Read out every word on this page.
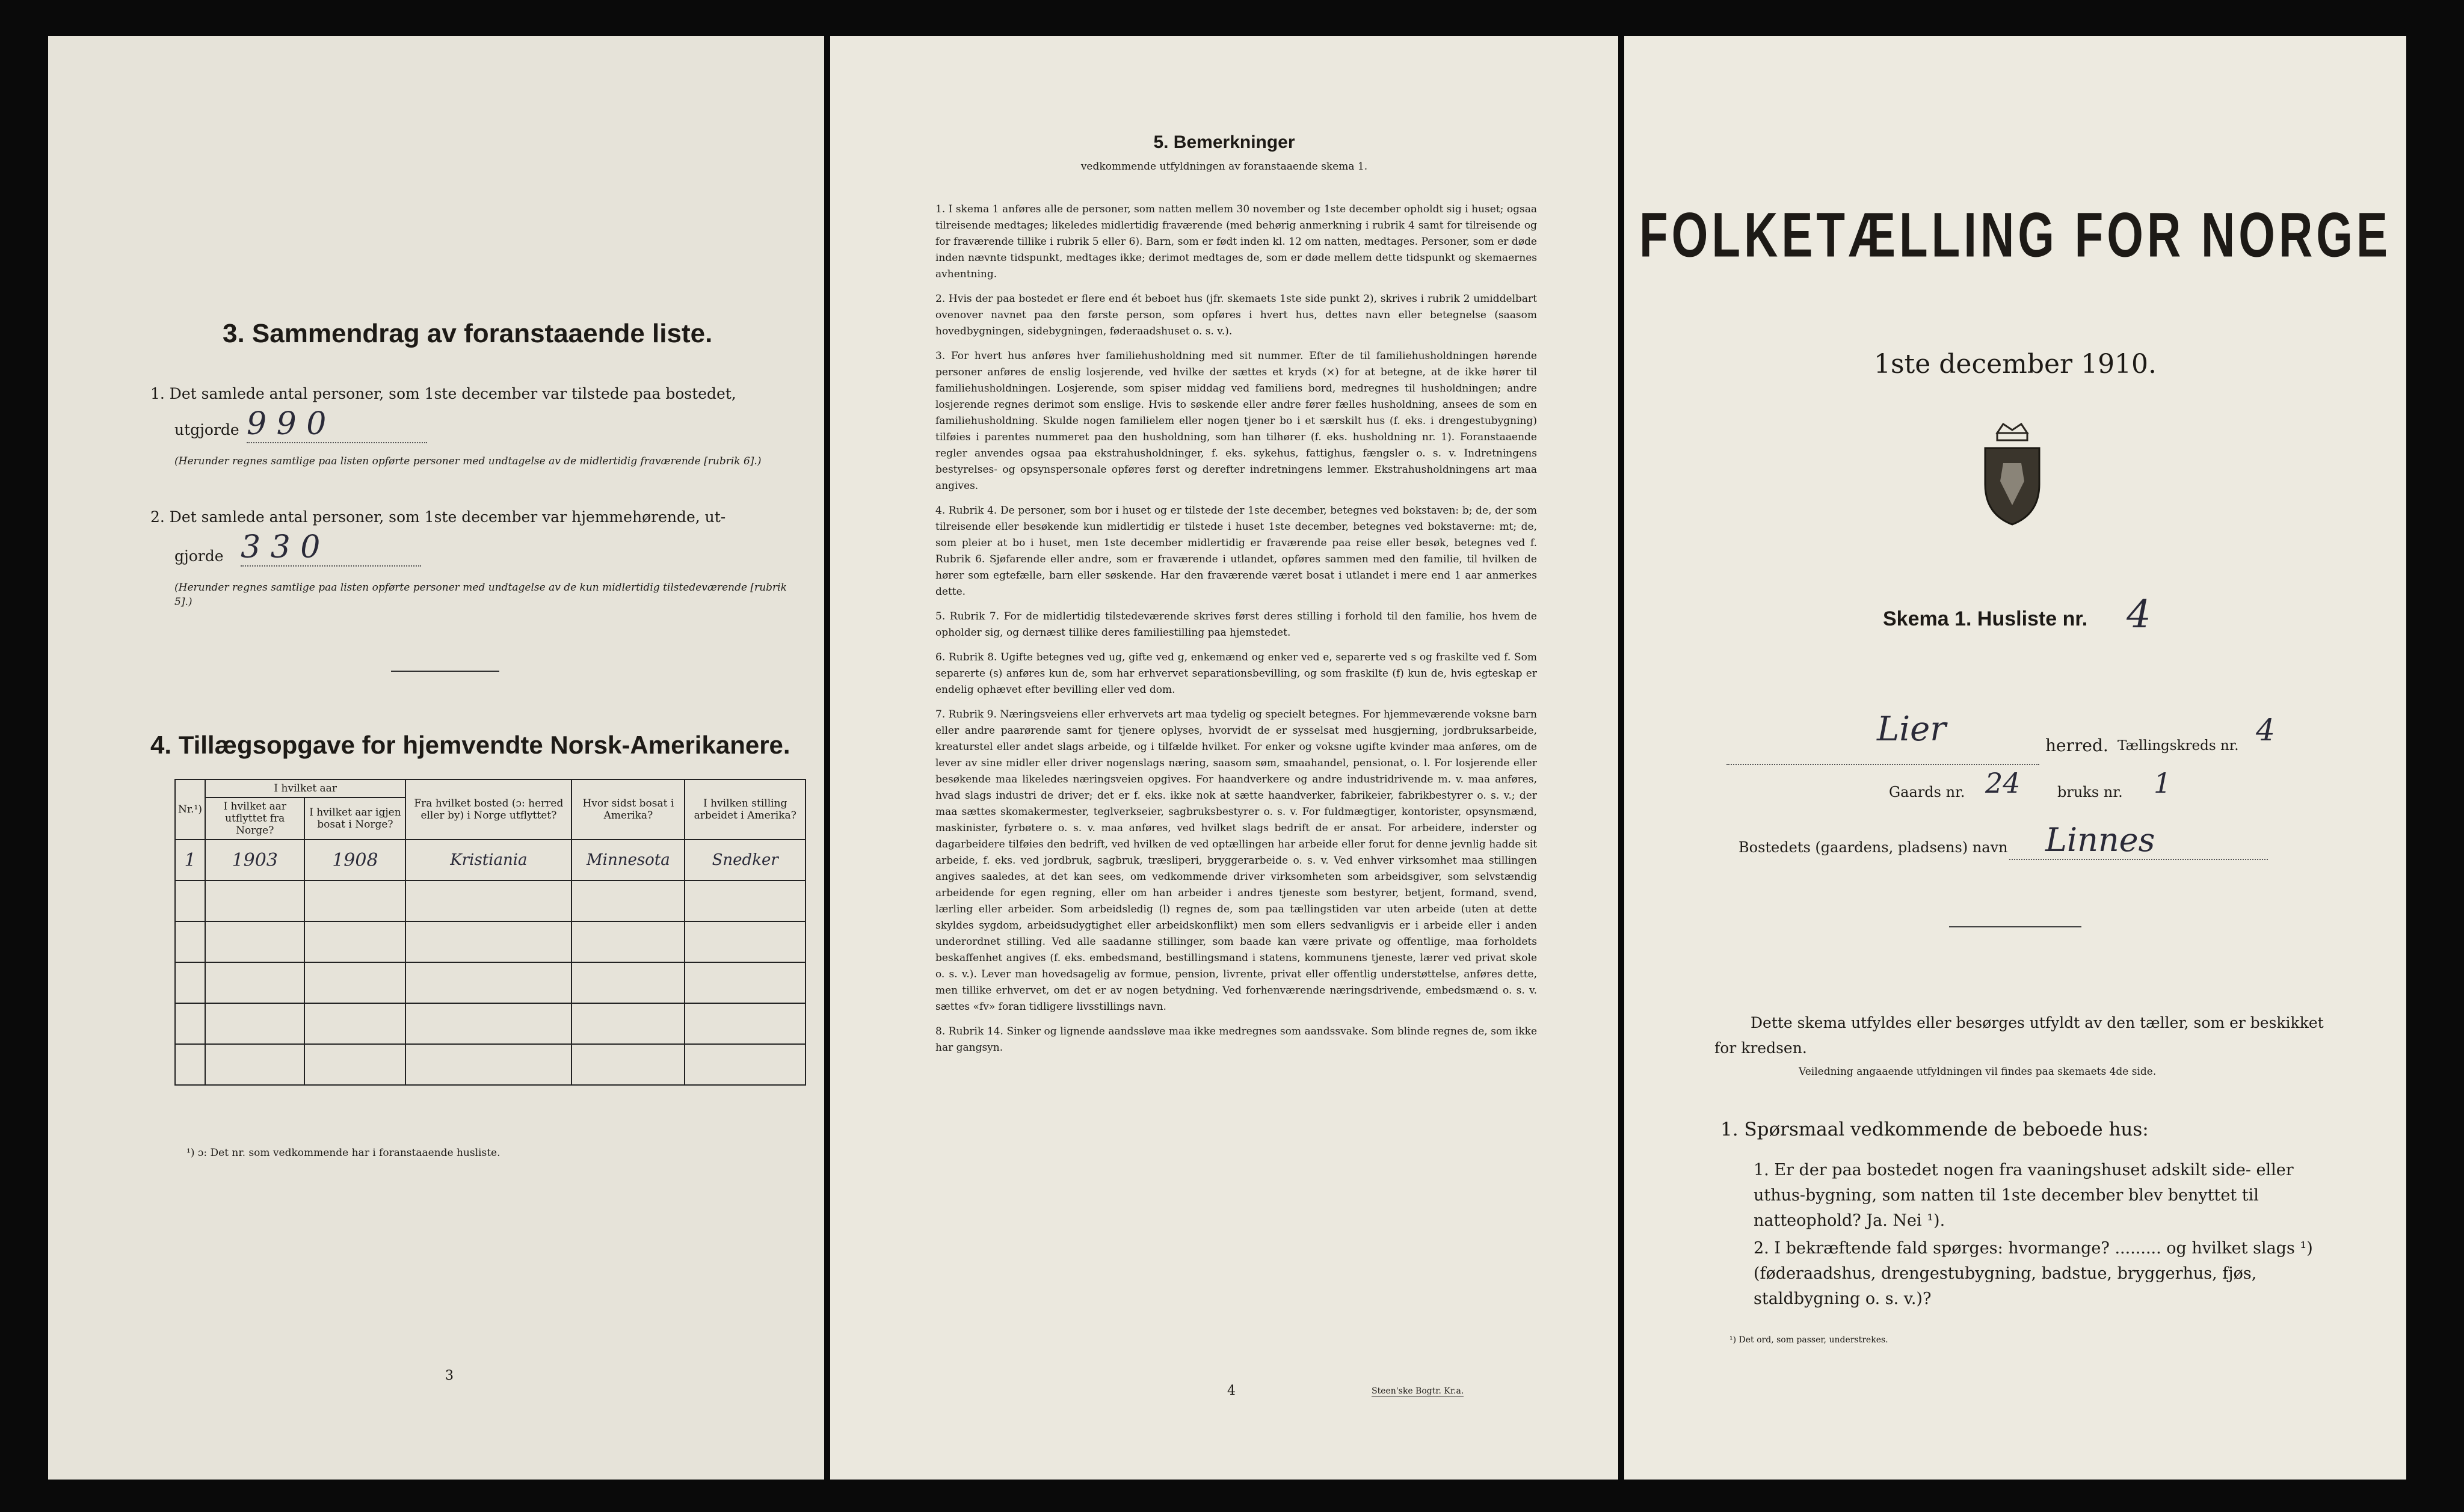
3. Sammendrag av foranstaaende liste.
1. Det samlede antal personer, som 1ste december var tilstede paa bostedet,
utgjorde 9 9 0
(Herunder regnes samtlige paa listen opførte personer med undtagelse av de midlertidig fraværende [rubrik 6].)
2. Det samlede antal personer, som 1ste december var hjemmehørende, ut-
gjorde 3 3 0
(Herunder regnes samtlige paa listen opførte personer med undtagelse av de kun midlertidig tilstedeværende [rubrik 5].)
4. Tillægsopgave for hjemvendte Norsk-Amerikanere.
Nr.¹)	I hvilket aar		Fra hvilket bosted (ɔ: herred eller by) i Norge utflyttet?	Hvor sidst bosat i Amerika?	I hvilken stilling arbeidet i Amerika?
	I hvilket aar utflyttet fra Norge?	I hvilket aar igjen bosat i Norge?			
1	1903	1908	Kristiania	Minnesota	Snedker

¹) ɔ: Det nr. som vedkommende har i foranstaaende husliste.
3
5. Bemerkninger
vedkommende utfyldningen av foranstaaende skema 1.

1. I skema 1 anføres alle de personer, som natten mellem 30 november og 1ste december opholdt sig i huset; ogsaa tilreisende medtages; likeledes midlertidig fraværende (med behørig anmerkning i rubrik 4 samt for tilreisende og for fraværende tillike i rubrik 5 eller 6). Barn, som er født inden kl. 12 om natten, medtages. Personer, som er døde inden nævnte tidspunkt, medtages ikke; derimot medtages de, som er døde mellem dette tidspunkt og skemaernes avhentning.

2. Hvis der paa bostedet er flere end ét beboet hus (jfr. skemaets 1ste side punkt 2), skrives i rubrik 2 umiddelbart ovenover navnet paa den første person, som opføres i hvert hus, dettes navn eller betegnelse (saasom hovedbygningen, sidebygningen, føderaadshuset o. s. v.).

3. For hvert hus anføres hver familiehusholdning med sit nummer. Efter de til familiehusholdningen hørende personer anføres de enslig losjerende, ved hvilke der sættes et kryds (×) for at betegne, at de ikke hører til familiehusholdningen. Losjerende, som spiser middag ved familiens bord, medregnes til husholdningen; andre losjerende regnes derimot som enslige. Hvis to søskende eller andre fører fælles husholdning, ansees de som en familiehusholdning. Skulde nogen familielem eller nogen tjener bo i et særskilt hus (f. eks. i drengestubygning) tilføies i parentes nummeret paa den husholdning, som han tilhører (f. eks. husholdning nr. 1). Foranstaaende regler anvendes ogsaa paa ekstrahusholdninger, f. eks. sykehus, fattighus, fængsler o. s. v. Indretningens bestyrelses- og opsynspersonale opføres først og derefter indretningens lemmer. Ekstrahusholdningens art maa angives.

4. Rubrik 4. De personer, som bor i huset og er tilstede der 1ste december, betegnes ved bokstaven: b; de, der som tilreisende eller besøkende kun midlertidig er tilstede i huset 1ste december, betegnes ved bokstaverne: mt; de, som pleier at bo i huset, men 1ste december midlertidig er fraværende paa reise eller besøk, betegnes ved f. Rubrik 6. Sjøfarende eller andre, som er fraværende i utlandet, opføres sammen med den familie, til hvilken de hører som egtefælle, barn eller søskende. Har den fraværende været bosat i utlandet i mere end 1 aar anmerkes dette.

5. Rubrik 7. For de midlertidig tilstedeværende skrives først deres stilling i forhold til den familie, hos hvem de opholder sig, og dernæst tillike deres familiestilling paa hjemstedet.

6. Rubrik 8. Ugifte betegnes ved ug, gifte ved g, enkemænd og enker ved e, separerte ved s og fraskilte ved f. Som separerte (s) anføres kun de, som har erhvervet separationsbevilling, og som fraskilte (f) kun de, hvis egteskap er endelig ophævet efter bevilling eller ved dom.

7. Rubrik 9. Næringsveiens eller erhvervets art maa tydelig og specielt betegnes. For hjemmeværende voksne barn eller andre paarørende samt for tjenere oplyses, hvorvidt de er sysselsat med husgjerning, jordbruksarbeide, kreaturstel eller andet slags arbeide, og i tilfælde hvilket. For enker og voksne ugifte kvinder maa anføres, om de lever av sine midler eller driver nogenslags næring, saasom søm, smaahandel, pensionat, o. l. For losjerende eller besøkende maa likeledes næringsveien opgives. For haandverkere og andre industridrivende m. v. maa anføres, hvad slags industri de driver; det er f. eks. ikke nok at sætte haandverker, fabrikeier, fabrikbestyrer o. s. v.; der maa sættes skomakermester, teglverkseier, sagbruksbestyrer o. s. v. For fuldmægtiger, kontorister, opsynsmænd, maskinister, fyrbøtere o. s. v. maa anføres, ved hvilket slags bedrift de er ansat. For arbeidere, inderster og dagarbeidere tilføies den bedrift, ved hvilken de ved optællingen har arbeide eller forut for denne jevnlig hadde sit arbeide, f. eks. ved jordbruk, sagbruk, træsliperi, bryggerarbeide o. s. v. Ved enhver virksomhet maa stillingen angives saaledes, at det kan sees, om vedkommende driver virksomheten som arbeidsgiver, som selvstændig arbeidende for egen regning, eller om han arbeider i andres tjeneste som bestyrer, betjent, formand, svend, lærling eller arbeider. Som arbeidsledig (l) regnes de, som paa tællingstiden var uten arbeide (uten at dette skyldes sygdom, arbeidsudygtighet eller arbeidskonflikt) men som ellers sedvanligvis er i arbeide eller i anden underordnet stilling. Ved alle saadanne stillinger, som baade kan være private og offentlige, maa forholdets beskaffenhet angives (f. eks. embedsmand, bestillingsmand i statens, kommunens tjeneste, lærer ved privat skole o. s. v.). Lever man hovedsagelig av formue, pension, livrente, privat eller offentlig understøttelse, anføres dette, men tillike erhvervet, om det er av nogen betydning. Ved forhenværende næringsdrivende, embedsmænd o. s. v. sættes «fv» foran tidligere livsstillings navn.

8. Rubrik 14. Sinker og lignende aandssløve maa ikke medregnes som aandssvake. Som blinde regnes de, som ikke har gangsyn.

4	Steen'ske Bogtr. Kr.a.
FOLKETÆLLING FOR NORGE
1ste december 1910.
Skema 1. Husliste nr. 4
Lier	herred. Tællingskreds nr. 4
Gaards nr. 24	bruks nr. 1
Bostedets (gaardens, pladsens) navn Linnes
Dette skema utfyldes eller besørges utfyldt av den tæller, som er beskikket for kredsen.
Veiledning angaaende utfyldningen vil findes paa skemaets 4de side.
1. Spørsmaal vedkommende de beboede hus:
1. Er der paa bostedet nogen fra vaaningshuset adskilt side- eller uthus-bygning, som natten til 1ste december blev benyttet til natteophold? Ja. Nei ¹).
2. I bekræftende fald spørges: hvormange? ......... og hvilket slags ¹) (føderaadshus, drengestubygning, badstue, bryggerhus, fjøs, staldbygning o. s. v.)?
¹) Det ord, som passer, understrekes.
